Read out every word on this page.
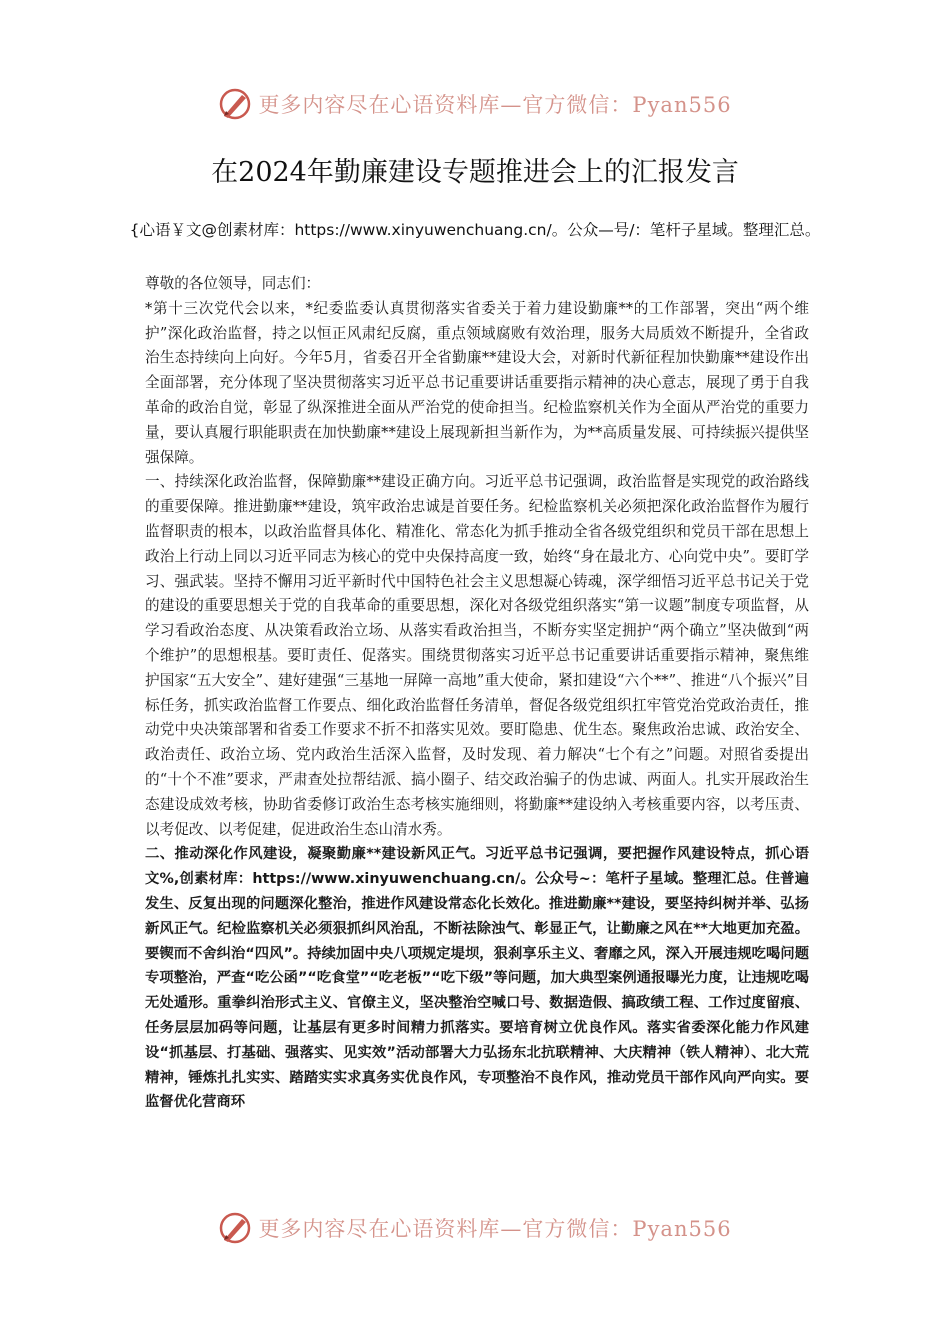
更多内容尽在心语资料库—官方微信：Pyan556
在2024年勤廉建设专题推进会上的汇报发言
{心语￥文@创素材库：https://www.xinyuwenchuang.cn/。公众—号/：笔杆子星域。整理汇总。

尊敬的各位领导，同志们：

*第十三次党代会以来，*纪委监委认真贯彻落实省委关于着力建设勤廉**的工作部署，突出“两个维护”深化政治监督，持之以恒正风肃纪反腐，重点领域腐败有效治理，服务大局质效不断提升，全省政治生态持续向上向好。今年5月，省委召开全省勤廉**建设大会，对新时代新征程加快勤廉**建设作出全面部署，充分体现了坚决贯彻落实习近平总书记重要讲话重要指示精神的决心意志，展现了勇于自我革命的政治自觉，彰显了纵深推进全面从严治党的使命担当。纪检监察机关作为全面从严治党的重要力量，要认真履行职能职责在加快勤廉**建设上展现新担当新作为，为**高质量发展、可持续振兴提供坚强保障。

一、持续深化政治监督，保障勤廉**建设正确方向。习近平总书记强调，政治监督是实现党的政治路线的重要保障。推进勤廉**建设，筑牢政治忠诚是首要任务。纪检监察机关必须把深化政治监督作为履行监督职责的根本，以政治监督具体化、精准化、常态化为抓手推动全省各级党组织和党员干部在思想上政治上行动上同以习近平同志为核心的党中央保持高度一致，始终“身在最北方、心向党中央”。要盯学习、强武装。坚持不懈用习近平新时代中国特色社会主义思想凝心铸魂，深学细悟习近平总书记关于党的建设的重要思想关于党的自我革命的重要思想，深化对各级党组织落实“第一议题”制度专项监督，从学习看政治态度、从决策看政治立场、从落实看政治担当，不断夯实坚定拥护“两个确立”坚决做到“两个维护”的思想根基。要盯责任、促落实。围绕贯彻落实习近平总书记重要讲话重要指示精神，聚焦维护国家“五大安全”、建好建强“三基地一屏障一高地”重大使命，紧扣建设“六个**”、推进“八个振兴”目标任务，抓实政治监督工作要点、细化政治监督任务清单，督促各级党组织扛牢管党治党政治责任，推动党中央决策部署和省委工作要求不折不扣落实见效。要盯隐患、优生态。聚焦政治忠诚、政治安全、政治责任、政治立场、党内政治生活深入监督，及时发现、着力解决“七个有之”问题。对照省委提出的“十个不准”要求，严肃查处拉帮结派、搞小圈子、结交政治骗子的伪忠诚、两面人。扎实开展政治生态建设成效考核，协助省委修订政治生态考核实施细则，将勤廉**建设纳入考核重要内容，以考压责、以考促改、以考促建，促进政治生态山清水秀。

二、推动深化作风建设，凝聚勤廉**建设新风正气。习近平总书记强调，要把握作风建设特点，抓心语文%,创素材库：https://www.xinyuwenchuang.cn/。公众号~：笔杆子星域。整理汇总。住普遍发生、反复出现的问题深化整治，推进作风建设常态化长效化。推进勤廉**建设，要坚持纠树并举、弘扬新风正气。纪检监察机关必须狠抓纠风治乱，不断祛除浊气、彰显正气，让勤廉之风在**大地更加充盈。要锲而不舍纠治“四风”。持续加固中央八项规定堤坝，狠刹享乐主义、奢靡之风，深入开展违规吃喝问题专项整治，严查“吃公函”“吃食堂”“吃老板”“吃下级”等问题，加大典型案例通报曝光力度，让违规吃喝无处遁形。重拳纠治形式主义、官僚主义，坚决整治空喊口号、数据造假、搞政绩工程、工作过度留痕、任务层层加码等问题，让基层有更多时间精力抓落实。要培育树立优良作风。落实省委深化能力作风建设“抓基层、打基础、强落实、见实效”活动部署大力弘扬东北抗联精神、大庆精神（铁人精神）、北大荒精神，锤炼扎扎实实、踏踏实实求真务实优良作风，专项整治不良作风，推动党员干部作风向严向实。要监督优化营商环

更多内容尽在心语资料库—官方微信：Pyan556
